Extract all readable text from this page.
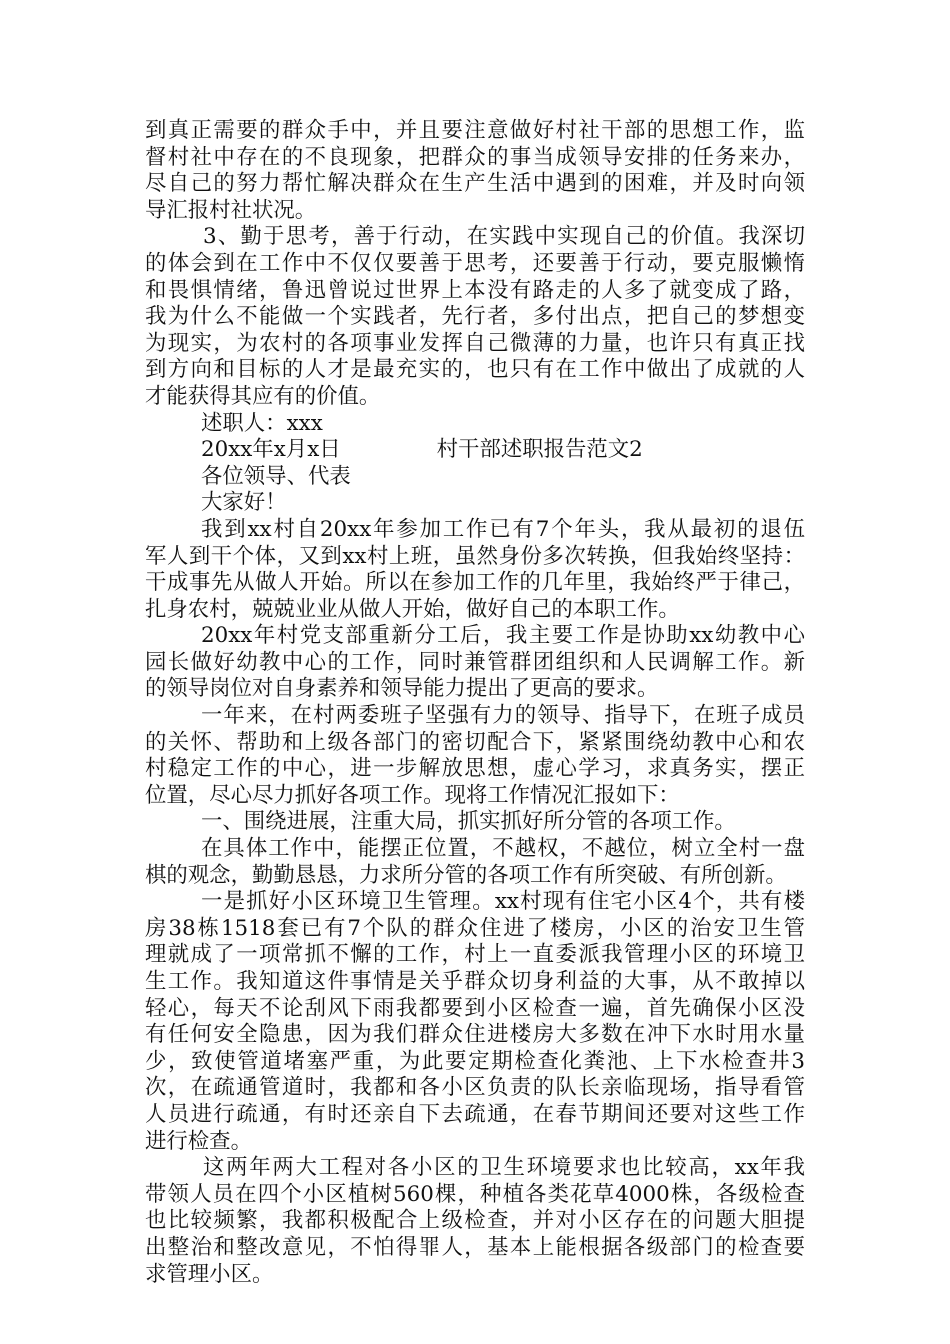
到真正需要的群众手中，并且要注意做好村社干部的思想工作，监
督村社中存在的不良现象，把群众的事当成领导安排的任务来办，
尽自己的努力帮忙解决群众在生产生活中遇到的困难，并及时向领
导汇报村社状况。
3、勤于思考，善于行动，在实践中实现自己的价值。我深切
的体会到在工作中不仅仅要善于思考，还要善于行动，要克服懒惰
和畏惧情绪，鲁迅曾说过世界上本没有路走的人多了就变成了路，
我为什么不能做一个实践者，先行者，多付出点，把自己的梦想变
为现实，为农村的各项事业发挥自己微薄的力量，也许只有真正找
到方向和目标的人才是最充实的，也只有在工作中做出了成就的人
才能获得其应有的价值。
述职人：xxx
20xx年x月x日	村干部述职报告范文2
各位领导、代表
大家好！
我到xx村自20xx年参加工作已有7个年头，我从最初的退伍
军人到干个体，又到xx村上班，虽然身份多次转换，但我始终坚持：
干成事先从做人开始。所以在参加工作的几年里，我始终严于律己，
扎身农村，兢兢业业从做人开始，做好自己的本职工作。
20xx年村党支部重新分工后，我主要工作是协助xx幼教中心
园长做好幼教中心的工作，同时兼管群团组织和人民调解工作。新
的领导岗位对自身素养和领导能力提出了更高的要求。
一年来，在村两委班子坚强有力的领导、指导下，在班子成员
的关怀、帮助和上级各部门的密切配合下，紧紧围绕幼教中心和农
村稳定工作的中心，进一步解放思想，虚心学习，求真务实，摆正
位置，尽心尽力抓好各项工作。现将工作情况汇报如下：
一、围绕进展，注重大局，抓实抓好所分管的各项工作。
在具体工作中，能摆正位置，不越权，不越位，树立全村一盘
棋的观念，勤勤恳恳，力求所分管的各项工作有所突破、有所创新。
一是抓好小区环境卫生管理。xx村现有住宅小区4个，共有楼
房38栋1518套已有7个队的群众住进了楼房，小区的治安卫生管
理就成了一项常抓不懈的工作，村上一直委派我管理小区的环境卫
生工作。我知道这件事情是关乎群众切身利益的大事，从不敢掉以
轻心，每天不论刮风下雨我都要到小区检查一遍，首先确保小区没
有任何安全隐患，因为我们群众住进楼房大多数在冲下水时用水量
少，致使管道堵塞严重，为此要定期检查化粪池、上下水检查井3
次，在疏通管道时，我都和各小区负责的队长亲临现场，指导看管
人员进行疏通，有时还亲自下去疏通，在春节期间还要对这些工作
进行检查。
这两年两大工程对各小区的卫生环境要求也比较高，xx年我
带领人员在四个小区植树560棵，种植各类花草4000株，各级检查
也比较频繁，我都积极配合上级检查，并对小区存在的问题大胆提
出整治和整改意见，不怕得罪人，基本上能根据各级部门的检查要
求管理小区。
